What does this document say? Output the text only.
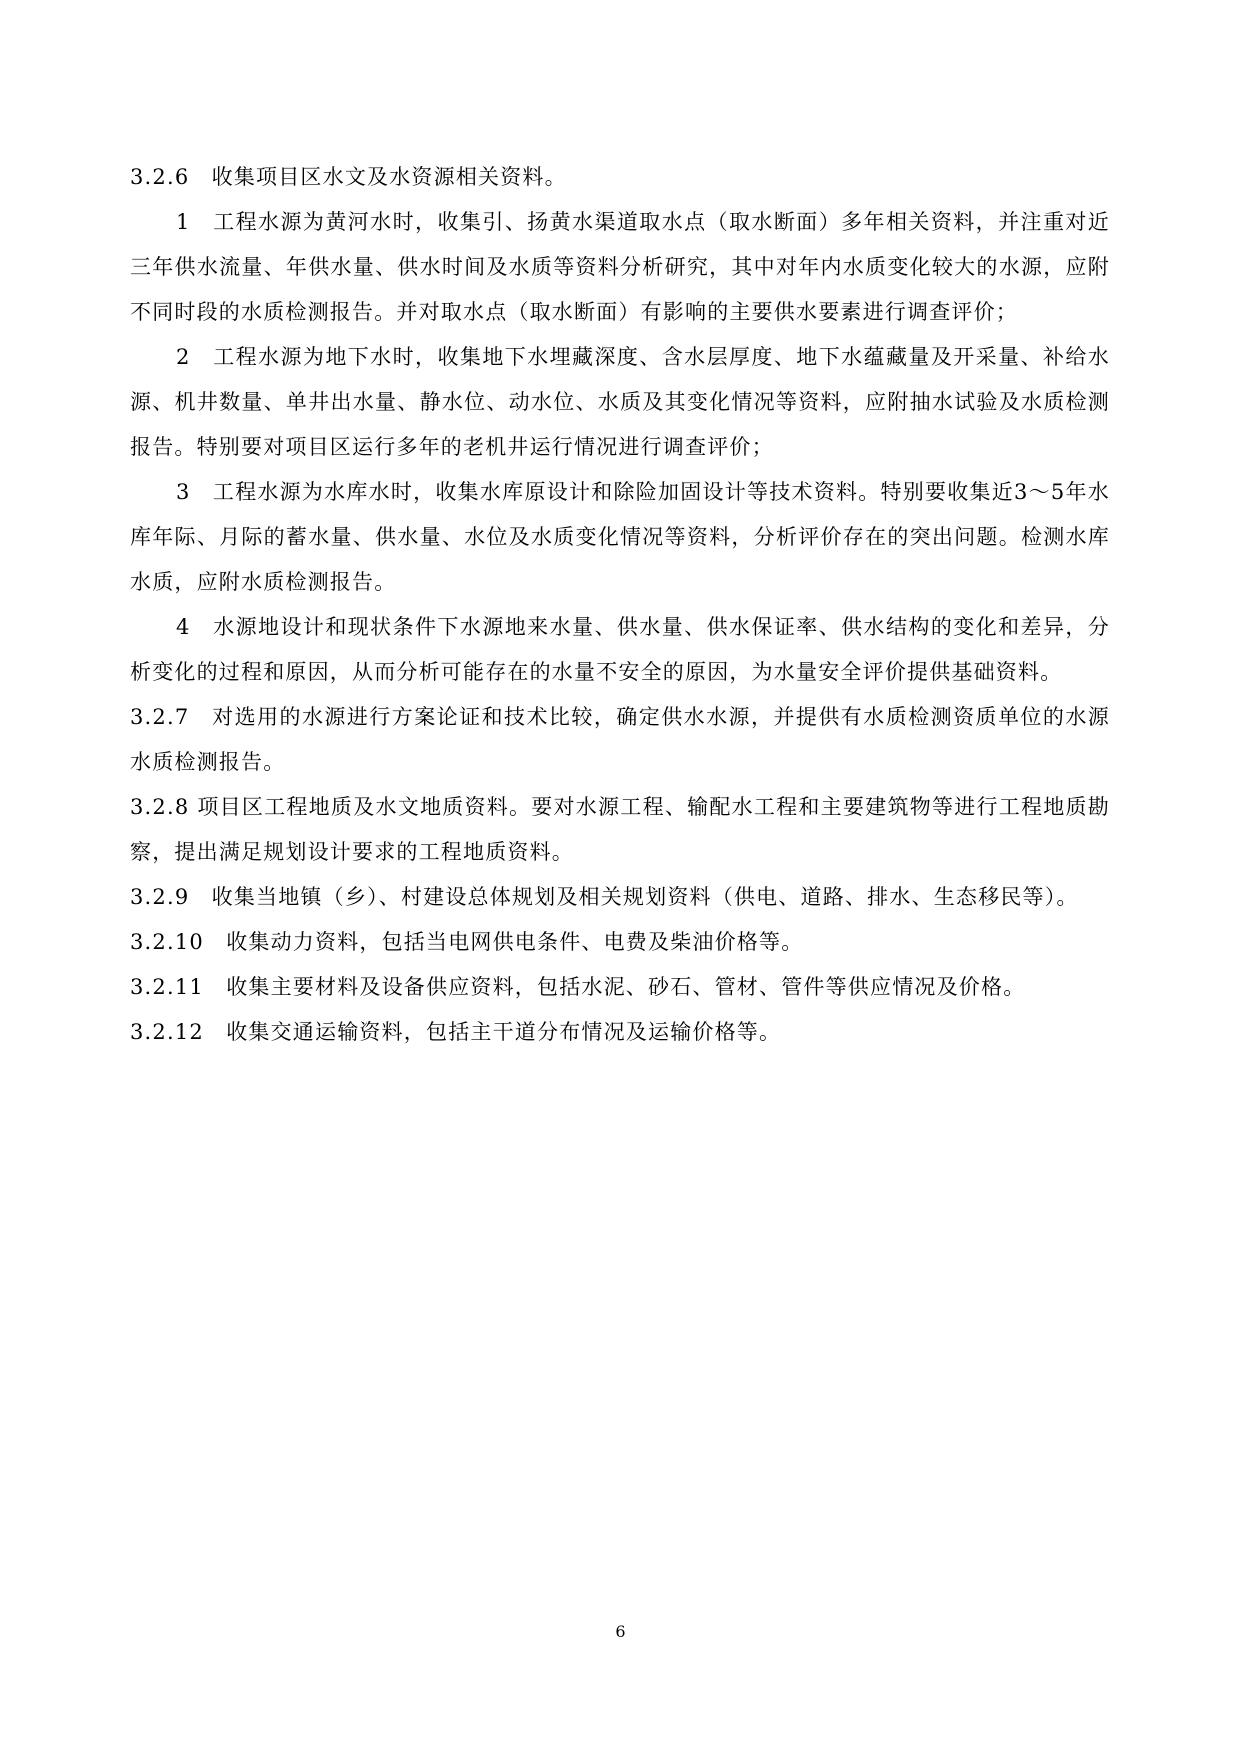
3.2.6　收集项目区水文及水资源相关资料。

1　工程水源为黄河水时，收集引、扬黄水渠道取水点（取水断面）多年相关资料，并注重对近三年供水流量、年供水量、供水时间及水质等资料分析研究，其中对年内水质变化较大的水源，应附不同时段的水质检测报告。并对取水点（取水断面）有影响的主要供水要素进行调查评价；

2　工程水源为地下水时，收集地下水埋藏深度、含水层厚度、地下水蕴藏量及开采量、补给水源、机井数量、单井出水量、静水位、动水位、水质及其变化情况等资料，应附抽水试验及水质检测报告。特别要对项目区运行多年的老机井运行情况进行调查评价；

3　工程水源为水库水时，收集水库原设计和除险加固设计等技术资料。特别要收集近3～5年水库年际、月际的蓄水量、供水量、水位及水质变化情况等资料，分析评价存在的突出问题。检测水库水质，应附水质检测报告。

4　水源地设计和现状条件下水源地来水量、供水量、供水保证率、供水结构的变化和差异，分析变化的过程和原因，从而分析可能存在的水量不安全的原因，为水量安全评价提供基础资料。

3.2.7　对选用的水源进行方案论证和技术比较，确定供水水源，并提供有水质检测资质单位的水源水质检测报告。

3.2.8 项目区工程地质及水文地质资料。要对水源工程、输配水工程和主要建筑物等进行工程地质勘察，提出满足规划设计要求的工程地质资料。

3.2.9　收集当地镇（乡）、村建设总体规划及相关规划资料（供电、道路、排水、生态移民等）。

3.2.10　收集动力资料，包括当电网供电条件、电费及柴油价格等。

3.2.11　收集主要材料及设备供应资料，包括水泥、砂石、管材、管件等供应情况及价格。

3.2.12　收集交通运输资料，包括主干道分布情况及运输价格等。

6
